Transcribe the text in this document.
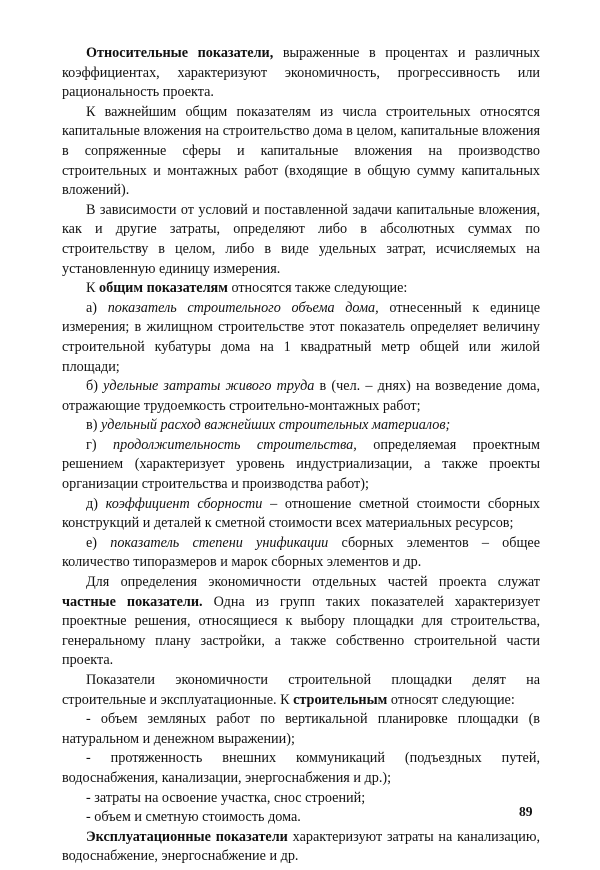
Относительные показатели, выраженные в процентах и различных коэффициентах, характеризуют экономичность, прогрессивность или рациональность проекта.

К важнейшим общим показателям из числа строительных относятся капитальные вложения на строительство дома в целом, капитальные вложения в сопряженные сферы и капитальные вложения на производство строительных и монтажных работ (входящие в общую сумму капитальных вложений).

В зависимости от условий и поставленной задачи капитальные вложения, как и другие затраты, определяют либо в абсолютных суммах по строительству в целом, либо в виде удельных затрат, исчисляемых на установленную единицу измерения.

К общим показателям относятся также следующие:

а) показатель строительного объема дома, отнесенный к единице измерения; в жилищном строительстве этот показатель определяет величину строительной кубатуры дома на 1 квадратный метр общей или жилой площади;

б) удельные затраты живого труда в (чел. – днях) на возведение дома, отражающие трудоемкость строительно-монтажных работ;

в) удельный расход важнейших строительных материалов;

г) продолжительность строительства, определяемая проектным решением (характеризует уровень индустриализации, а также проекты организации строительства и производства работ);

д) коэффициент сборности – отношение сметной стоимости сборных конструкций и деталей к сметной стоимости всех материальных ресурсов;

е) показатель степени унификации сборных элементов – общее количество типоразмеров и марок сборных элементов и др.

Для определения экономичности отдельных частей проекта служат частные показатели. Одна из групп таких показателей характеризует проектные решения, относящиеся к выбору площадки для строительства, генеральному плану застройки, а также собственно строительной части проекта.

Показатели экономичности строительной площадки делят на строительные и эксплуатационные. К строительным относят следующие:

- объем земляных работ по вертикальной планировке площадки (в натуральном и денежном выражении);

- протяженность внешних коммуникаций (подъездных путей, водоснабжения, канализации, энергоснабжения и др.);

- затраты на освоение участка, снос строений;

- объем и сметную стоимость дома.

Эксплуатационные показатели характеризуют затраты на канализацию, водоснабжение, энергоснабжение и др.

89
